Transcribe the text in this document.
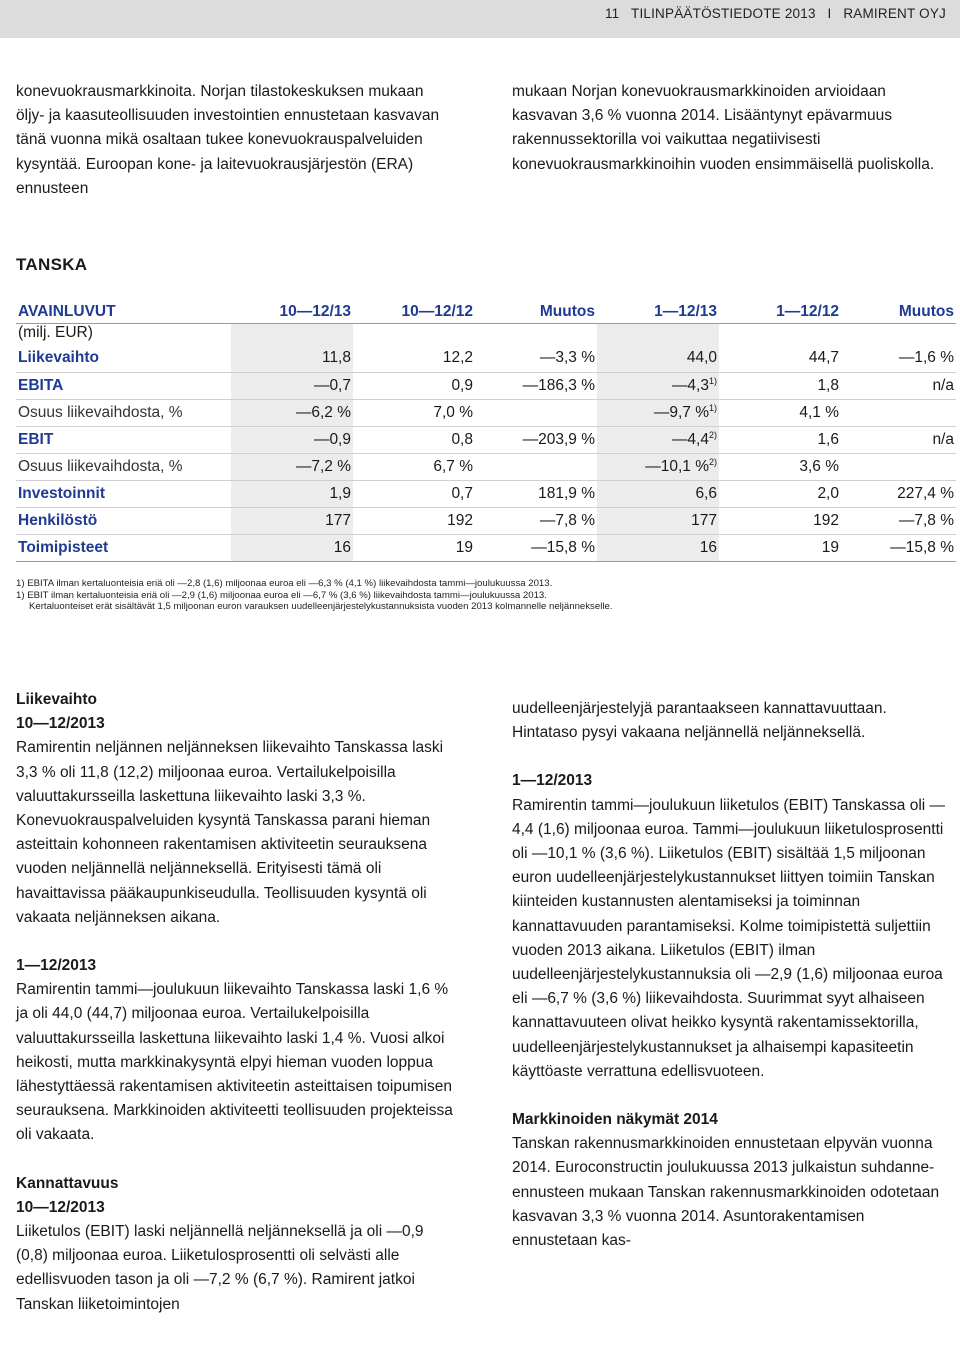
11 TILINPÄÄTÖSTIEDOTE 2013 I RAMIRENT OYJ

konevuokrausmarkkinoita. Norjan tilastokeskuksen mukaan öljy- ja kaasuteollisuuden investointien ennustetaan kasvavan tänä vuonna mikä osaltaan tukee konevuokrauspalveluiden kysyntää. Euroopan kone- ja laitevuokrausjärjestön (ERA) ennusteen

mukaan Norjan konevuokrausmarkkinoiden arvioidaan kasvavan 3,6 % vuonna 2014. Lisääntynyt epävarmuus rakennussektorilla voi vaikuttaa negatiivisesti konevuokrausmarkkinoihin vuoden ensimmäisellä puoliskolla.

TANSKA
AVAINLUVUT	10—12/13	10—12/12	Muutos	1—12/13	1—12/12	Muutos
(milj. EUR)						
Liikevaihto	11,8	12,2	—3,3 %	44,0	44,7	—1,6 %
EBITA	—0,7	0,9	—186,3 %	—4,3$^{1)}$	1,8	n/a
Osuus liikevaihdosta, %	—6,2 %	7,0 %		—9,7 %$^{1)}$	4,1 %	
EBIT	—0,9	0,8	—203,9 %	—4,4$^{2)}$	1,6	n/a
Osuus liikevaihdosta, %	—7,2 %	6,7 %		—10,1 %$^{2)}$	3,6 %	
Investoinnit	1,9	0,7	181,9 %	6,6	2,0	227,4 %
Henkilöstö	177	192	—7,8 %	177	192	—7,8 %
Toimipisteet	16	19	—15,8 %	16	19	—15,8 %
1) EBITA ilman kertaluonteisia eriä oli —2,8 (1,6) miljoonaa euroa eli —6,3 % (4,1 %) liikevaihdosta tammi—joulukuussa 2013.
1) EBIT ilman kertaluonteisia eriä oli —2,9 (1,6) miljoonaa euroa eli —6,7 % (3,6 %) liikevaihdosta tammi—joulukuussa 2013.
Kertaluonteiset erät sisältävät 1,5 miljoonan euron varauksen uudelleenjärjestelykustannuksista vuoden 2013 kolmannelle neljännekselle.

Liikevaihto
10—12/2013
Ramirentin neljännen neljänneksen liikevaihto Tanskassa laski 3,3 % oli 11,8 (12,2) miljoonaa euroa. Vertailukelpoisilla valuuttakursseilla laskettuna liikevaihto laski 3,3 %. Konevuokrauspalveluiden kysyntä Tanskassa parani hieman asteittain kohonneen rakentamisen aktiviteetin seurauksena vuoden neljännellä neljänneksellä. Erityisesti tämä oli havaittavissa pääkaupunkiseudulla. Teollisuuden kysyntä oli vakaata neljänneksen aikana.

1—12/2013
Ramirentin tammi—joulukuun liikevaihto Tanskassa laski 1,6 % ja oli 44,0 (44,7) miljoonaa euroa. Vertailukelpoisilla valuuttakursseilla laskettuna liikevaihto laski 1,4 %. Vuosi alkoi heikosti, mutta markkinakysyntä elpyi hieman vuoden loppua lähestyttäessä rakentamisen aktiviteetin asteittaisen toipumisen seurauksena. Markkinoiden aktiviteetti teollisuuden projekteissa oli vakaata.

Kannattavuus
10—12/2013
Liiketulos (EBIT) laski neljännellä neljänneksellä ja oli —0,9 (0,8) miljoonaa euroa. Liiketulosprosentti oli selvästi alle edellisvuoden tason ja oli —7,2 % (6,7 %). Ramirent jatkoi Tanskan liiketoimintojen

uudelleenjärjestelyjä parantaakseen kannattavuuttaan. Hintataso pysyi vakaana neljännellä neljänneksellä.

1—12/2013
Ramirentin tammi—joulukuun liiketulos (EBIT) Tanskassa oli —4,4 (1,6) miljoonaa euroa. Tammi—joulukuun liiketulosprosentti oli —10,1 % (3,6 %). Liiketulos (EBIT) sisältää 1,5 miljoonan euron uudelleenjärjestelykustannukset liittyen toimiin Tanskan kiinteiden kustannusten alentamiseksi ja toiminnan kannattavuuden parantamiseksi. Kolme toimipistettä suljettiin vuoden 2013 aikana. Liiketulos (EBIT) ilman uudelleenjärjestelykustannuksia oli —2,9 (1,6) miljoonaa euroa eli —6,7 % (3,6 %) liikevaihdosta. Suurimmat syyt alhaiseen kannattavuuteen olivat heikko kysyntä rakentamissektorilla, uudelleenjärjestelykustannukset ja alhaisempi kapasiteetin käyttöaste verrattuna edellisvuoteen.

Markkinoiden näkymät 2014
Tanskan rakennusmarkkinoiden ennustetaan elpyvän vuonna 2014. Euroconstructin joulukuussa 2013 julkaistun suhdanne-ennusteen mukaan Tanskan rakennusmarkkinoiden odotetaan kasvavan 3,3 % vuonna 2014. Asuntorakentamisen ennustetaan kas-
